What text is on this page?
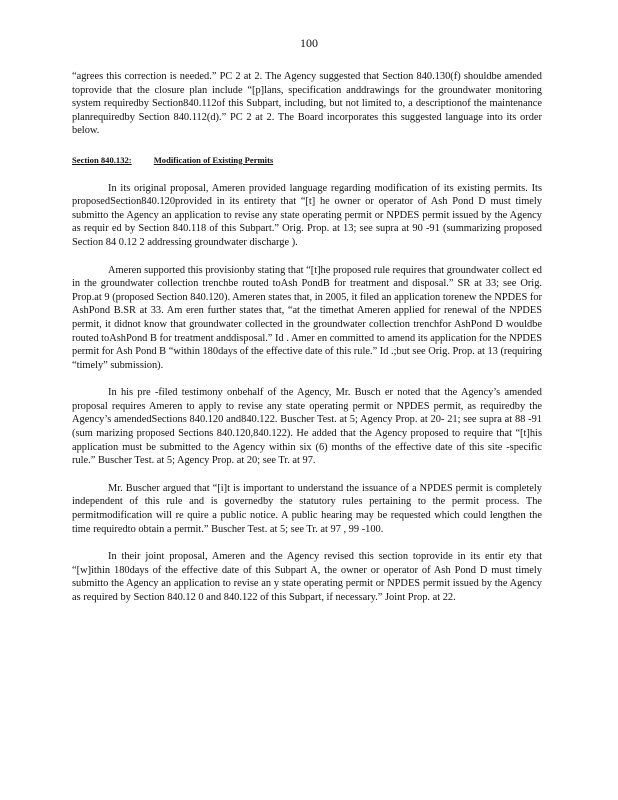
100

“agrees this correction is needed.” PC 2 at 2. The Agency suggested that Section 840.130(f) shouldbe amended toprovide that the closure plan include “[p]lans, specification anddrawings for the groundwater monitoring system requiredby Section840.112of this Subpart, including, but not limited to, a descriptionof the maintenance planrequiredby Section 840.112(d).” PC 2 at 2. The Board incorporates this suggested language into its order below.

Section 840.132:	Modification of Existing Permits

In its original proposal, Ameren provided language regarding modification of its existing permits. Its proposedSection840.120provided in its entirety that “[t] he owner or operator of Ash Pond D must timely submitto the Agency an application to revise any state operating permit or NPDES permit issued by the Agency as requir ed by Section 840.118 of this Subpart.” Orig. Prop. at 13; see supra at 90 -91 (summarizing proposed Section 84 0.12 2 addressing groundwater discharge ).

Ameren supported this provisionby stating that “[t]he proposed rule requires that groundwater collect ed in the groundwater collection trenchbe routed toAsh PondB for treatment and disposal.” SR at 33; see Orig. Prop.at 9 (proposed Section 840.120). Ameren states that, in 2005, it filed an application torenew the NPDES for AshPond B.SR at 33. Am eren further states that, “at the timethat Ameren applied for renewal of the NPDES permit, it didnot know that groundwater collected in the groundwater collection trenchfor AshPond D wouldbe routed toAshPond B for treatment anddisposal.” Id . Amer en committed to amend its application for the NPDES permit for Ash Pond B “within 180days of the effective date of this rule.” Id .;but see Orig. Prop. at 13 (requiring “timely” submission).

In his pre -filed testimony onbehalf of the Agency, Mr. Busch er noted that the Agency’s amended proposal requires Ameren to apply to revise any state operating permit or NPDES permit, as requiredby the Agency’s amendedSections 840.120 and840.122. Buscher Test. at 5; Agency Prop. at 20- 21; see supra at 88 -91 (sum marizing proposed Sections 840.120,840.122). He added that the Agency proposed to require that “[t]his application must be submitted to the Agency within six (6) months of the effective date of this site -specific rule.” Buscher Test. at 5; Agency Prop. at 20; see Tr. at 97.

Mr. Buscher argued that “[i]t is important to understand the issuance of a NPDES permit is completely independent of this rule and is governedby the statutory rules pertaining to the permit process. The permitmodification will re quire a public notice. A public hearing may be requested which could lengthen the time requiredto obtain a permit.” Buscher Test. at 5; see Tr. at 97 , 99 -100.

In their joint proposal, Ameren and the Agency revised this section toprovide in its entir ety that “[w]ithin 180days of the effective date of this Subpart A, the owner or operator of Ash Pond D must timely submitto the Agency an application to revise an y state operating permit or NPDES permit issued by the Agency as required by Section 840.12 0 and 840.122 of this Subpart, if necessary.” Joint Prop. at 22.
